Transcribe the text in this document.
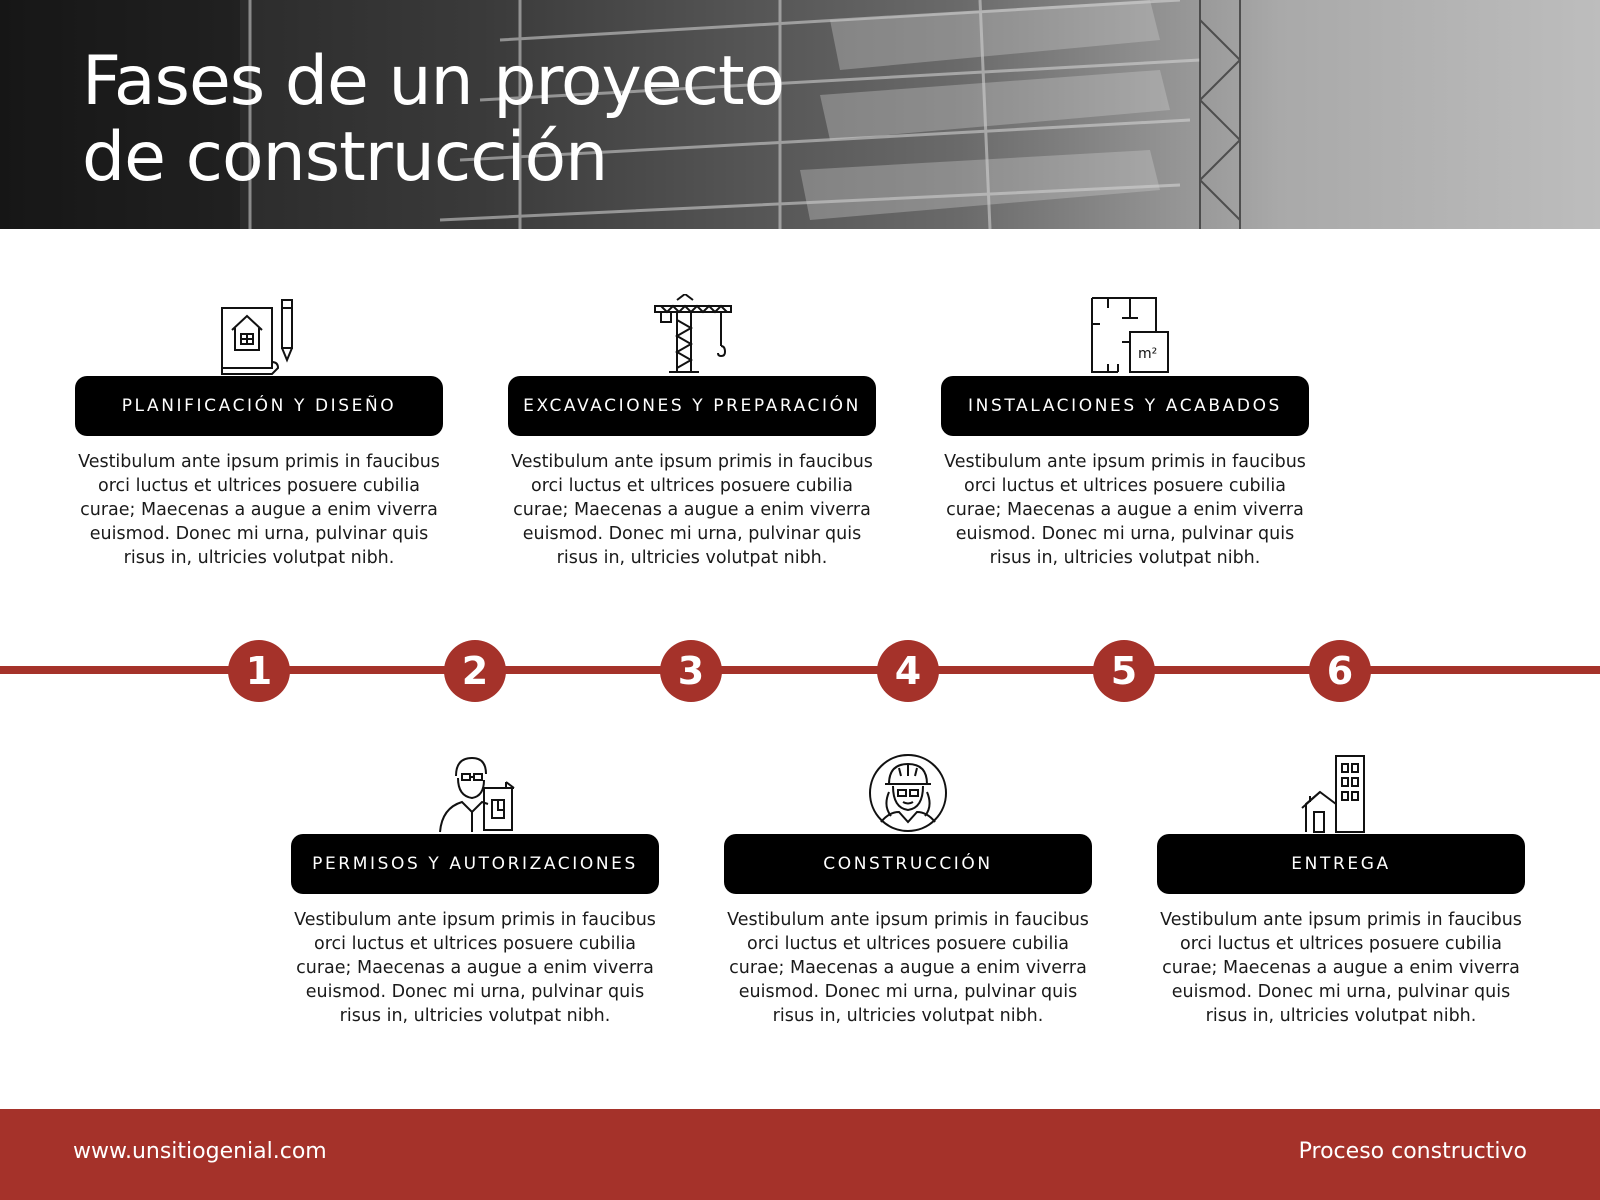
Fases de un proyecto
de construcción
1	2	3	4	5	6
PLANIFICACIÓN Y DISEÑO

Vestibulum ante ipsum primis in faucibus orci luctus et ultrices posuere cubilia curae; Maecenas a augue a enim viverra euismod. Donec mi urna, pulvinar quis risus in, ultricies volutpat nibh.

EXCAVACIONES Y PREPARACIÓN

Vestibulum ante ipsum primis in faucibus orci luctus et ultrices posuere cubilia curae; Maecenas a augue a enim viverra euismod. Donec mi urna, pulvinar quis risus in, ultricies volutpat nibh.

m²
INSTALACIONES Y ACABADOS

Vestibulum ante ipsum primis in faucibus orci luctus et ultrices posuere cubilia curae; Maecenas a augue a enim viverra euismod. Donec mi urna, pulvinar quis risus in, ultricies volutpat nibh.

PERMISOS Y AUTORIZACIONES

Vestibulum ante ipsum primis in faucibus orci luctus et ultrices posuere cubilia curae; Maecenas a augue a enim viverra euismod. Donec mi urna, pulvinar quis risus in, ultricies volutpat nibh.

CONSTRUCCIÓN

Vestibulum ante ipsum primis in faucibus orci luctus et ultrices posuere cubilia curae; Maecenas a augue a enim viverra euismod. Donec mi urna, pulvinar quis risus in, ultricies volutpat nibh.

ENTREGA

Vestibulum ante ipsum primis in faucibus orci luctus et ultrices posuere cubilia curae; Maecenas a augue a enim viverra euismod. Donec mi urna, pulvinar quis risus in, ultricies volutpat nibh.

www.unsitiogenial.com	Proceso constructivo
